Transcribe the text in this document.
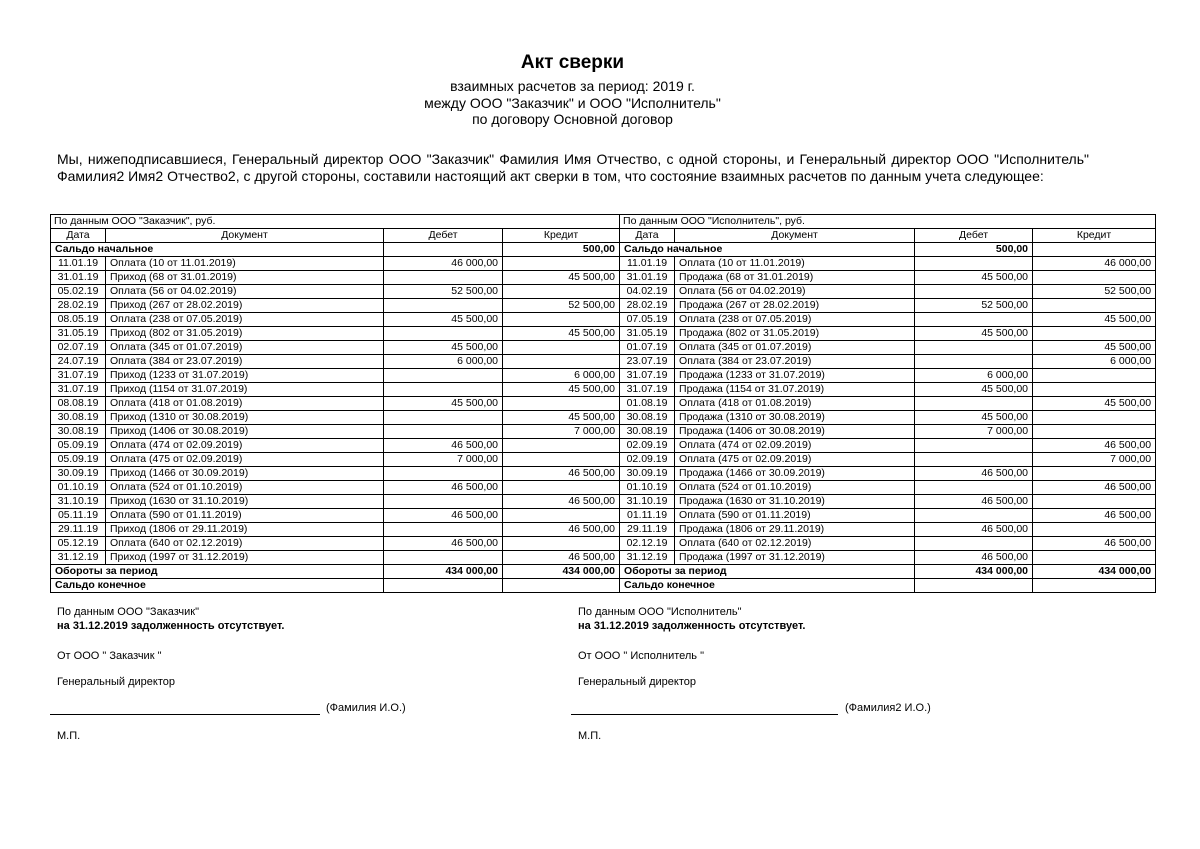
Акт сверки
взаимных расчетов за период: 2019 г.
между ООО "Заказчик" и ООО "Исполнитель"
по договору Основной договор
Мы, нижеподписавшиеся, Генеральный директор ООО "Заказчик" Фамилия Имя Отчество, с одной стороны, и Генеральный директор ООО "Исполнитель" Фамилия2 Имя2 Отчество2, с другой стороны, составили настоящий акт сверки в том, что состояние взаимных расчетов по данным учета следующее:
По данным ООО "Заказчик", руб.				По данным ООО "Исполнитель", руб.			
Дата	Документ	Дебет	Кредит	Дата	Документ	Дебет	Кредит
Сальдо начальное			500,00	Сальдо начальное		500,00	
11.01.19	Оплата (10 от 11.01.2019)	46 000,00		11.01.19	Оплата (10 от 11.01.2019)		46 000,00
31.01.19	Приход (68 от 31.01.2019)		45 500,00	31.01.19	Продажа (68 от 31.01.2019)	45 500,00	
05.02.19	Оплата (56 от 04.02.2019)	52 500,00		04.02.19	Оплата (56 от 04.02.2019)		52 500,00
28.02.19	Приход (267 от 28.02.2019)		52 500,00	28.02.19	Продажа (267 от 28.02.2019)	52 500,00	
08.05.19	Оплата (238 от 07.05.2019)	45 500,00		07.05.19	Оплата (238 от 07.05.2019)		45 500,00
31.05.19	Приход (802 от 31.05.2019)		45 500,00	31.05.19	Продажа (802 от 31.05.2019)	45 500,00	
02.07.19	Оплата (345 от 01.07.2019)	45 500,00		01.07.19	Оплата (345 от 01.07.2019)		45 500,00
24.07.19	Оплата (384 от 23.07.2019)	6 000,00		23.07.19	Оплата (384 от 23.07.2019)		6 000,00
31.07.19	Приход (1233 от 31.07.2019)		6 000,00	31.07.19	Продажа (1233 от 31.07.2019)	6 000,00	
31.07.19	Приход (1154 от 31.07.2019)		45 500,00	31.07.19	Продажа (1154 от 31.07.2019)	45 500,00	
08.08.19	Оплата (418 от 01.08.2019)	45 500,00		01.08.19	Оплата (418 от 01.08.2019)		45 500,00
30.08.19	Приход (1310 от 30.08.2019)		45 500,00	30.08.19	Продажа (1310 от 30.08.2019)	45 500,00	
30.08.19	Приход (1406 от 30.08.2019)		7 000,00	30.08.19	Продажа (1406 от 30.08.2019)	7 000,00	
05.09.19	Оплата (474 от 02.09.2019)	46 500,00		02.09.19	Оплата (474 от 02.09.2019)		46 500,00
05.09.19	Оплата (475 от 02.09.2019)	7 000,00		02.09.19	Оплата (475 от 02.09.2019)		7 000,00
30.09.19	Приход (1466 от 30.09.2019)		46 500,00	30.09.19	Продажа (1466 от 30.09.2019)	46 500,00	
01.10.19	Оплата (524 от 01.10.2019)	46 500,00		01.10.19	Оплата (524 от 01.10.2019)		46 500,00
31.10.19	Приход (1630 от 31.10.2019)		46 500,00	31.10.19	Продажа (1630 от 31.10.2019)	46 500,00	
05.11.19	Оплата (590 от 01.11.2019)	46 500,00		01.11.19	Оплата (590 от 01.11.2019)		46 500,00
29.11.19	Приход (1806 от 29.11.2019)		46 500,00	29.11.19	Продажа (1806 от 29.11.2019)	46 500,00	
05.12.19	Оплата (640 от 02.12.2019)	46 500,00		02.12.19	Оплата (640 от 02.12.2019)		46 500,00
31.12.19	Приход (1997 от 31.12.2019)		46 500,00	31.12.19	Продажа (1997 от 31.12.2019)	46 500,00	
Обороты за период		434 000,00	434 000,00	Обороты за период		434 000,00	434 000,00
Сальдо конечное				Сальдо конечное			
По данным ООО "Заказчик"
на 31.12.2019 задолженность отсутствует.
От ООО " Заказчик "
Генеральный директор
(Фамилия И.О.)
М.П.
По данным ООО "Исполнитель"
на 31.12.2019 задолженность отсутствует.
От ООО " Исполнитель "
Генеральный директор
(Фамилия2 И.О.)
М.П.
